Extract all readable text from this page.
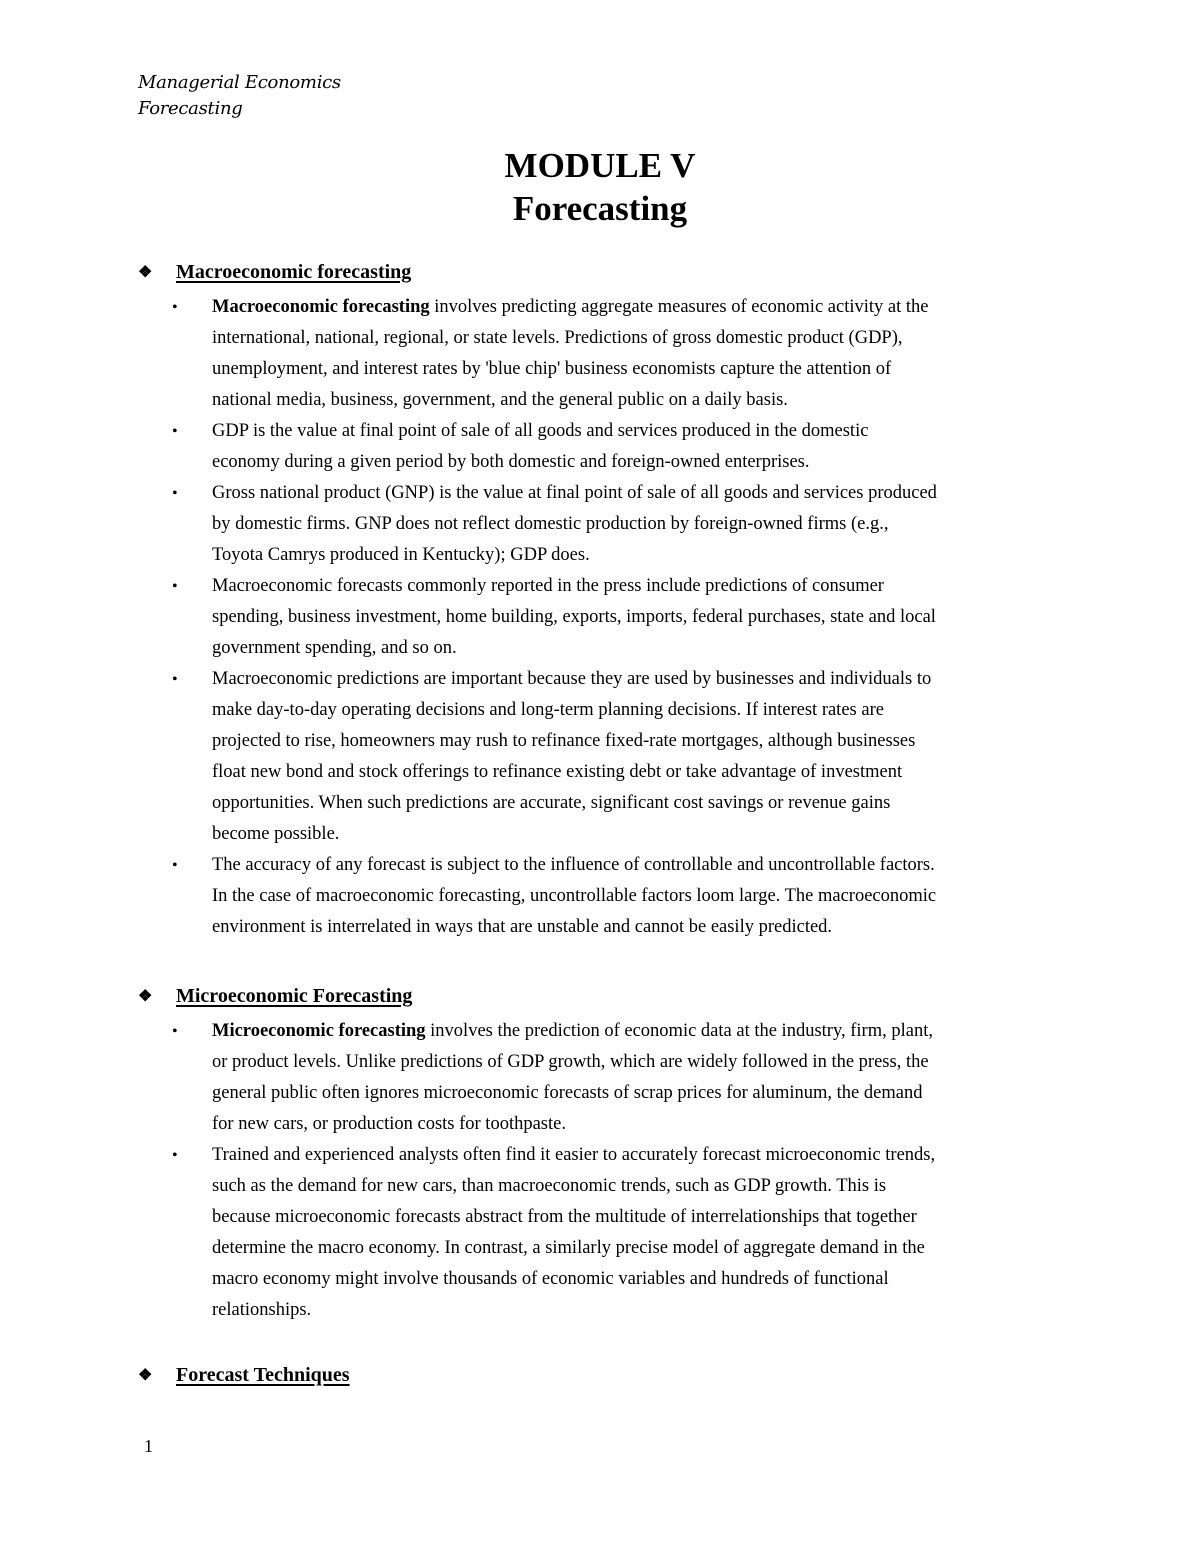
Managerial Economics
Forecasting
MODULE V
Forecasting
❖	Macroeconomic forecasting
• Macroeconomic forecasting involves predicting aggregate measures of economic activity at the
international, national, regional, or state levels. Predictions of gross domestic product (GDP),
unemployment, and interest rates by 'blue chip' business economists capture the attention of
national media, business, government, and the general public on a daily basis.
• GDP is the value at final point of sale of all goods and services produced in the domestic
economy during a given period by both domestic and foreign-owned enterprises.
• Gross national product (GNP) is the value at final point of sale of all goods and services produced
by domestic firms. GNP does not reflect domestic production by foreign-owned firms (e.g.,
Toyota Camrys produced in Kentucky); GDP does.
• Macroeconomic forecasts commonly reported in the press include predictions of consumer
spending, business investment, home building, exports, imports, federal purchases, state and local
government spending, and so on.
• Macroeconomic predictions are important because they are used by businesses and individuals to
make day-to-day operating decisions and long-term planning decisions. If interest rates are
projected to rise, homeowners may rush to refinance fixed-rate mortgages, although businesses
float new bond and stock offerings to refinance existing debt or take advantage of investment
opportunities. When such predictions are accurate, significant cost savings or revenue gains
become possible.
• The accuracy of any forecast is subject to the influence of controllable and uncontrollable factors.
In the case of macroeconomic forecasting, uncontrollable factors loom large. The macroeconomic
environment is interrelated in ways that are unstable and cannot be easily predicted.
❖	Microeconomic Forecasting
• Microeconomic forecasting involves the prediction of economic data at the industry, firm, plant,
or product levels. Unlike predictions of GDP growth, which are widely followed in the press, the
general public often ignores microeconomic forecasts of scrap prices for aluminum, the demand
for new cars, or production costs for toothpaste.
• Trained and experienced analysts often find it easier to accurately forecast microeconomic trends,
such as the demand for new cars, than macroeconomic trends, such as GDP growth. This is
because microeconomic forecasts abstract from the multitude of interrelationships that together
determine the macro economy. In contrast, a similarly precise model of aggregate demand in the
macro economy might involve thousands of economic variables and hundreds of functional
relationships.
❖	Forecast Techniques
1
